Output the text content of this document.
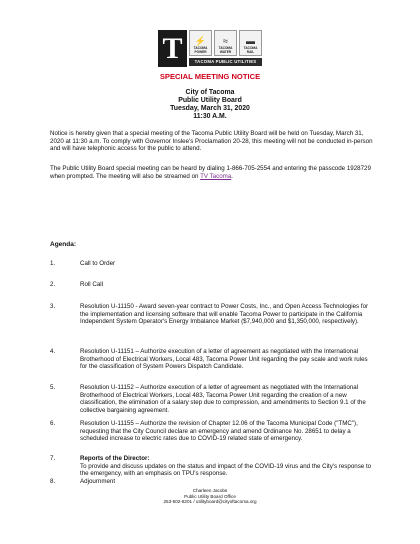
T	⚡
TACOMA
POWER
≈
TACOMA
WATER
▬
TACOMA
RAIL
TACOMA PUBLIC UTILITIES
SPECIAL MEETING NOTICE
City of Tacoma
Public Utility Board
Tuesday, March 31, 2020
11:30 A.M.
Notice is hereby given that a special meeting of the Tacoma Public Utility Board will be held on Tuesday, March 31, 2020 at 11:30 a.m. To comply with Governor Inslee's Proclamation 20-28, this meeting will not be conducted in-person and will have telephonic access for the public to attend.
The Public Utility Board special meeting can be heard by dialing 1-866-705-2554 and entering the passcode 1928729 when prompted. The meeting will also be streamed on TV Tacoma.
Agenda:
1.	Call to Order
2.	Roll Call
3.	Resolution U-11150 - Award seven-year contract to Power Costs, Inc., and Open Access Technologies for the implementation and licensing software that will enable Tacoma Power to participate in the California Independent System Operator's Energy Imbalance Market ($7,940,000 and $1,350,000, respectively).
4.	Resolution U-11151 – Authorize execution of a letter of agreement as negotiated with the International Brotherhood of Electrical Workers, Local 483, Tacoma Power Unit regarding the pay scale and work rules for the classification of System Powers Dispatch Candidate.
5.	Resolution U-11152 – Authorize execution of a letter of agreement as negotiated with the International Brotherhood of Electrical Workers, Local 483, Tacoma Power Unit regarding the creation of a new classification, the elimination of a salary step due to compression, and amendments to Section 9.1 of the collective bargaining agreement.
6.	Resolution U-11155 – Authorize the revision of Chapter 12.06 of the Tacoma Municipal Code ("TMC"), requesting that the City Council declare an emergency and amend Ordinance No. 28651 to delay a scheduled increase to electric rates due to COVID-19 related state of emergency.
7.	Reports of the Director:
To provide and discuss updates on the status and impact of the COVID-19 virus and the City's response to the emergency, with an emphasis on TPU's response.
8.	Adjournment
Charleen Jacobs
Public Utility Board Office
253-502-8201 / utilityboard@cityoftacoma.org
